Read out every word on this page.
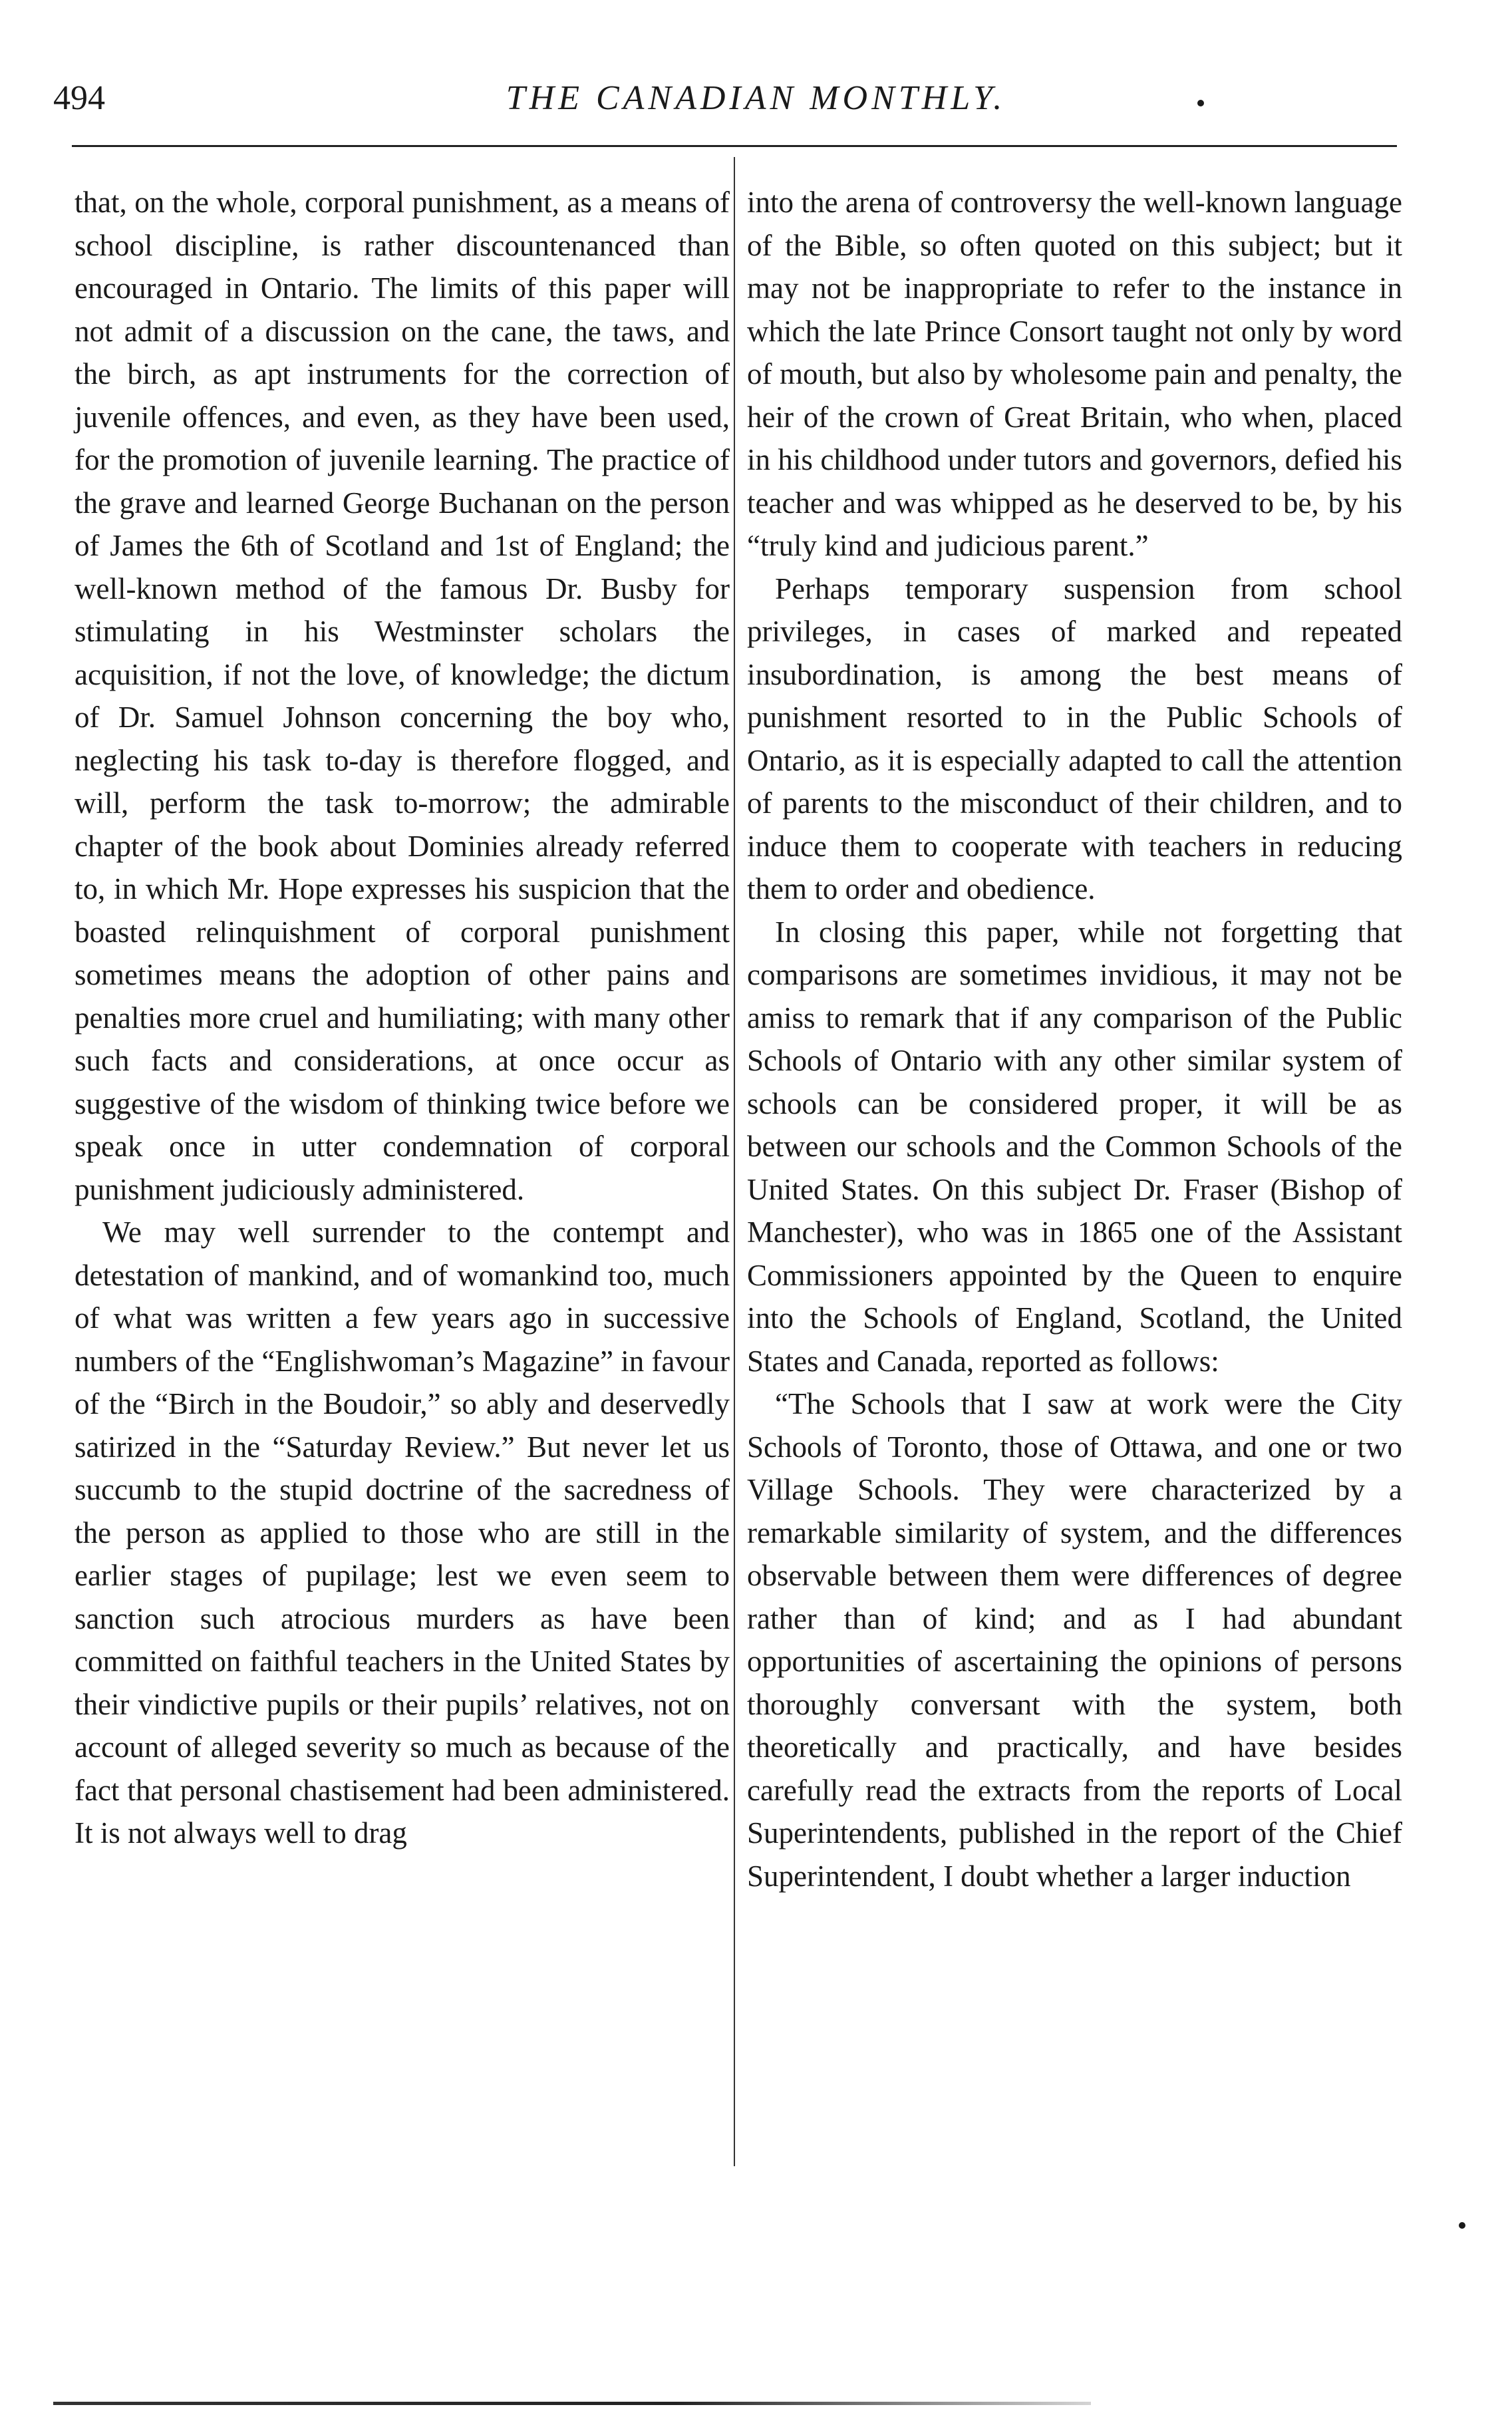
494	THE CANADIAN MONTHLY.

that, on the whole, corporal punishment, as a means of school discipline, is rather discountenanced than encouraged in Ontario. The limits of this paper will not admit of a discussion on the cane, the taws, and the birch, as apt instruments for the correction of juvenile offences, and even, as they have been used, for the promotion of juvenile learning. The practice of the grave and learned George Buchanan on the person of James the 6th of Scotland and 1st of England; the well-known method of the famous Dr. Busby for stimulating in his Westminster scholars the acquisition, if not the love, of knowledge; the dictum of Dr. Samuel Johnson concerning the boy who, neglecting his task to-day is therefore flogged, and will, perform the task to-morrow; the admirable chapter of the book about Dominies already referred to, in which Mr. Hope expresses his suspicion that the boasted relinquishment of corporal punishment sometimes means the adoption of other pains and penalties more cruel and humiliating; with many other such facts and considerations, at once occur as suggestive of the wisdom of thinking twice before we speak once in utter condemnation of corporal punishment judiciously administered.

We may well surrender to the contempt and detestation of mankind, and of womankind too, much of what was written a few years ago in successive numbers of the “Englishwoman’s Magazine” in favour of the “Birch in the Boudoir,” so ably and deservedly satirized in the “Saturday Review.” But never let us succumb to the stupid doctrine of the sacredness of the person as applied to those who are still in the earlier stages of pupilage; lest we even seem to sanction such atrocious murders as have been committed on faithful teachers in the United States by their vindictive pupils or their pupils’ relatives, not on account of alleged severity so much as because of the fact that personal chastisement had been administered. It is not always well to drag

into the arena of controversy the well-known language of the Bible, so often quoted on this subject; but it may not be inappropriate to refer to the instance in which the late Prince Consort taught not only by word of mouth, but also by wholesome pain and penalty, the heir of the crown of Great Britain, who when, placed in his childhood under tutors and governors, defied his teacher and was whipped as he deserved to be, by his “truly kind and judicious parent.”

Perhaps temporary suspension from school privileges, in cases of marked and repeated insubordination, is among the best means of punishment resorted to in the Public Schools of Ontario, as it is especially adapted to call the attention of parents to the misconduct of their children, and to induce them to cooperate with teachers in reducing them to order and obedience.

In closing this paper, while not forgetting that comparisons are sometimes invidious, it may not be amiss to remark that if any comparison of the Public Schools of Ontario with any other similar system of schools can be considered proper, it will be as between our schools and the Common Schools of the United States. On this subject Dr. Fraser (Bishop of Manchester), who was in 1865 one of the Assistant Commissioners appointed by the Queen to enquire into the Schools of England, Scotland, the United States and Canada, reported as follows:

“The Schools that I saw at work were the City Schools of Toronto, those of Ottawa, and one or two Village Schools. They were characterized by a remarkable similarity of system, and the differences observable between them were differences of degree rather than of kind; and as I had abundant opportunities of ascertaining the opinions of persons thoroughly conversant with the system, both theoretically and practically, and have besides carefully read the extracts from the reports of Local Superintendents, published in the report of the Chief Superintendent, I doubt whether a larger induction
